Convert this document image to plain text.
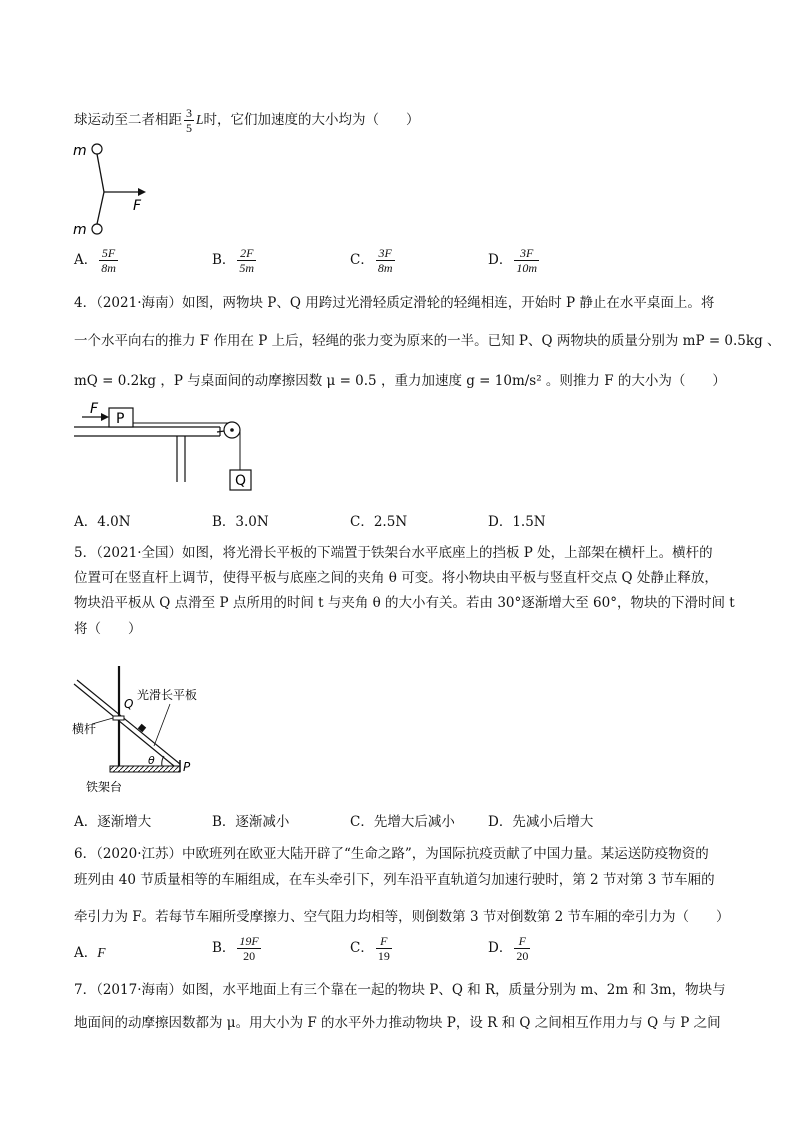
球运动至二者相距 $\frac{3}{5}$ L时，它们加速度的大小均为（　　）
m
m
F
A． $\frac{5F}{8m}$	B． $\frac{2F}{5m}$	C． $\frac{3F}{8m}$	D． $\frac{3F}{10m}$
4．（2021·海南）如图，两物块 P、Q 用跨过光滑轻质定滑轮的轻绳相连，开始时 P 静止在水平桌面上。将
一个水平向右的推力 F 作用在 P 上后，轻绳的张力变为原来的一半。已知 P、Q 两物块的质量分别为 mP = 0.5kg 、
mQ = 0.2kg ，P 与桌面间的动摩擦因数 μ = 0.5 ，重力加速度 g = 10m/s² 。则推力 F 的大小为（　　）
P
F
Q
A．4.0N	B．3.0N	C．2.5N	D．1.5N
5．（2021·全国）如图，将光滑长平板的下端置于铁架台水平底座上的挡板 P 处，上部架在横杆上。横杆的
位置可在竖直杆上调节，使得平板与底座之间的夹角 θ 可变。将小物块由平板与竖直杆交点 Q 处静止释放，
物块沿平板从 Q 点滑至 P 点所用的时间 t 与夹角 θ 的大小有关。若由 30°逐渐增大至 60°，物块的下滑时间 t
将（　　）
光滑长平板
横杆
铁架台
Q
P
θ
A．逐渐增大	B．逐渐减小	C．先增大后减小 D．先减小后增大
6．（2020·江苏）中欧班列在欧亚大陆开辟了“生命之路”，为国际抗疫贡献了中国力量。某运送防疫物资的
班列由 40 节质量相等的车厢组成，在车头牵引下，列车沿平直轨道匀加速行驶时，第 2 节对第 3 节车厢的
牵引力为 F。若每节车厢所受摩擦力、空气阻力均相等，则倒数第 3 节对倒数第 2 节车厢的牵引力为（　　）
A．F	B． $\frac{19F}{20}$	C． $\frac{F}{19}$	D． $\frac{F}{20}$
7．（2017·海南）如图，水平地面上有三个靠在一起的物块 P、Q 和 R，质量分别为 m、2m 和 3m，物块与
地面间的动摩擦因数都为 μ。用大小为 F 的水平外力推动物块 P，设 R 和 Q 之间相互作用力与 Q 与 P 之间
